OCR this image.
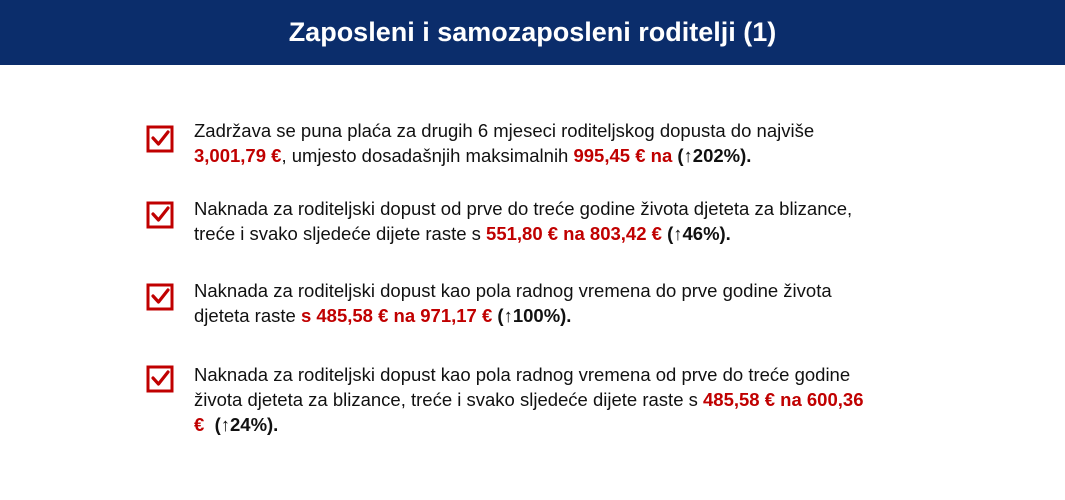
Zaposleni i samozaposleni roditelji (1)
Zadržava se puna plaća za drugih 6 mjeseci roditeljskog dopusta do najviše
3,001,79 €, umjesto dosadašnjih maksimalnih 995,45 € na (↑202%).
Naknada za roditeljski dopust od prve do treće godine života djeteta za blizance,
treće i svako sljedeće dijete raste s 551,80 € na 803,42 € (↑46%).
Naknada za roditeljski dopust kao pola radnog vremena do prve godine života
djeteta raste s 485,58 € na 971,17 € (↑100%).
Naknada za roditeljski dopust kao pola radnog vremena od prve do treće godine
života djeteta za blizance, treće i svako sljedeće dijete raste s 485,58 € na 600,36
€  (↑24%).
